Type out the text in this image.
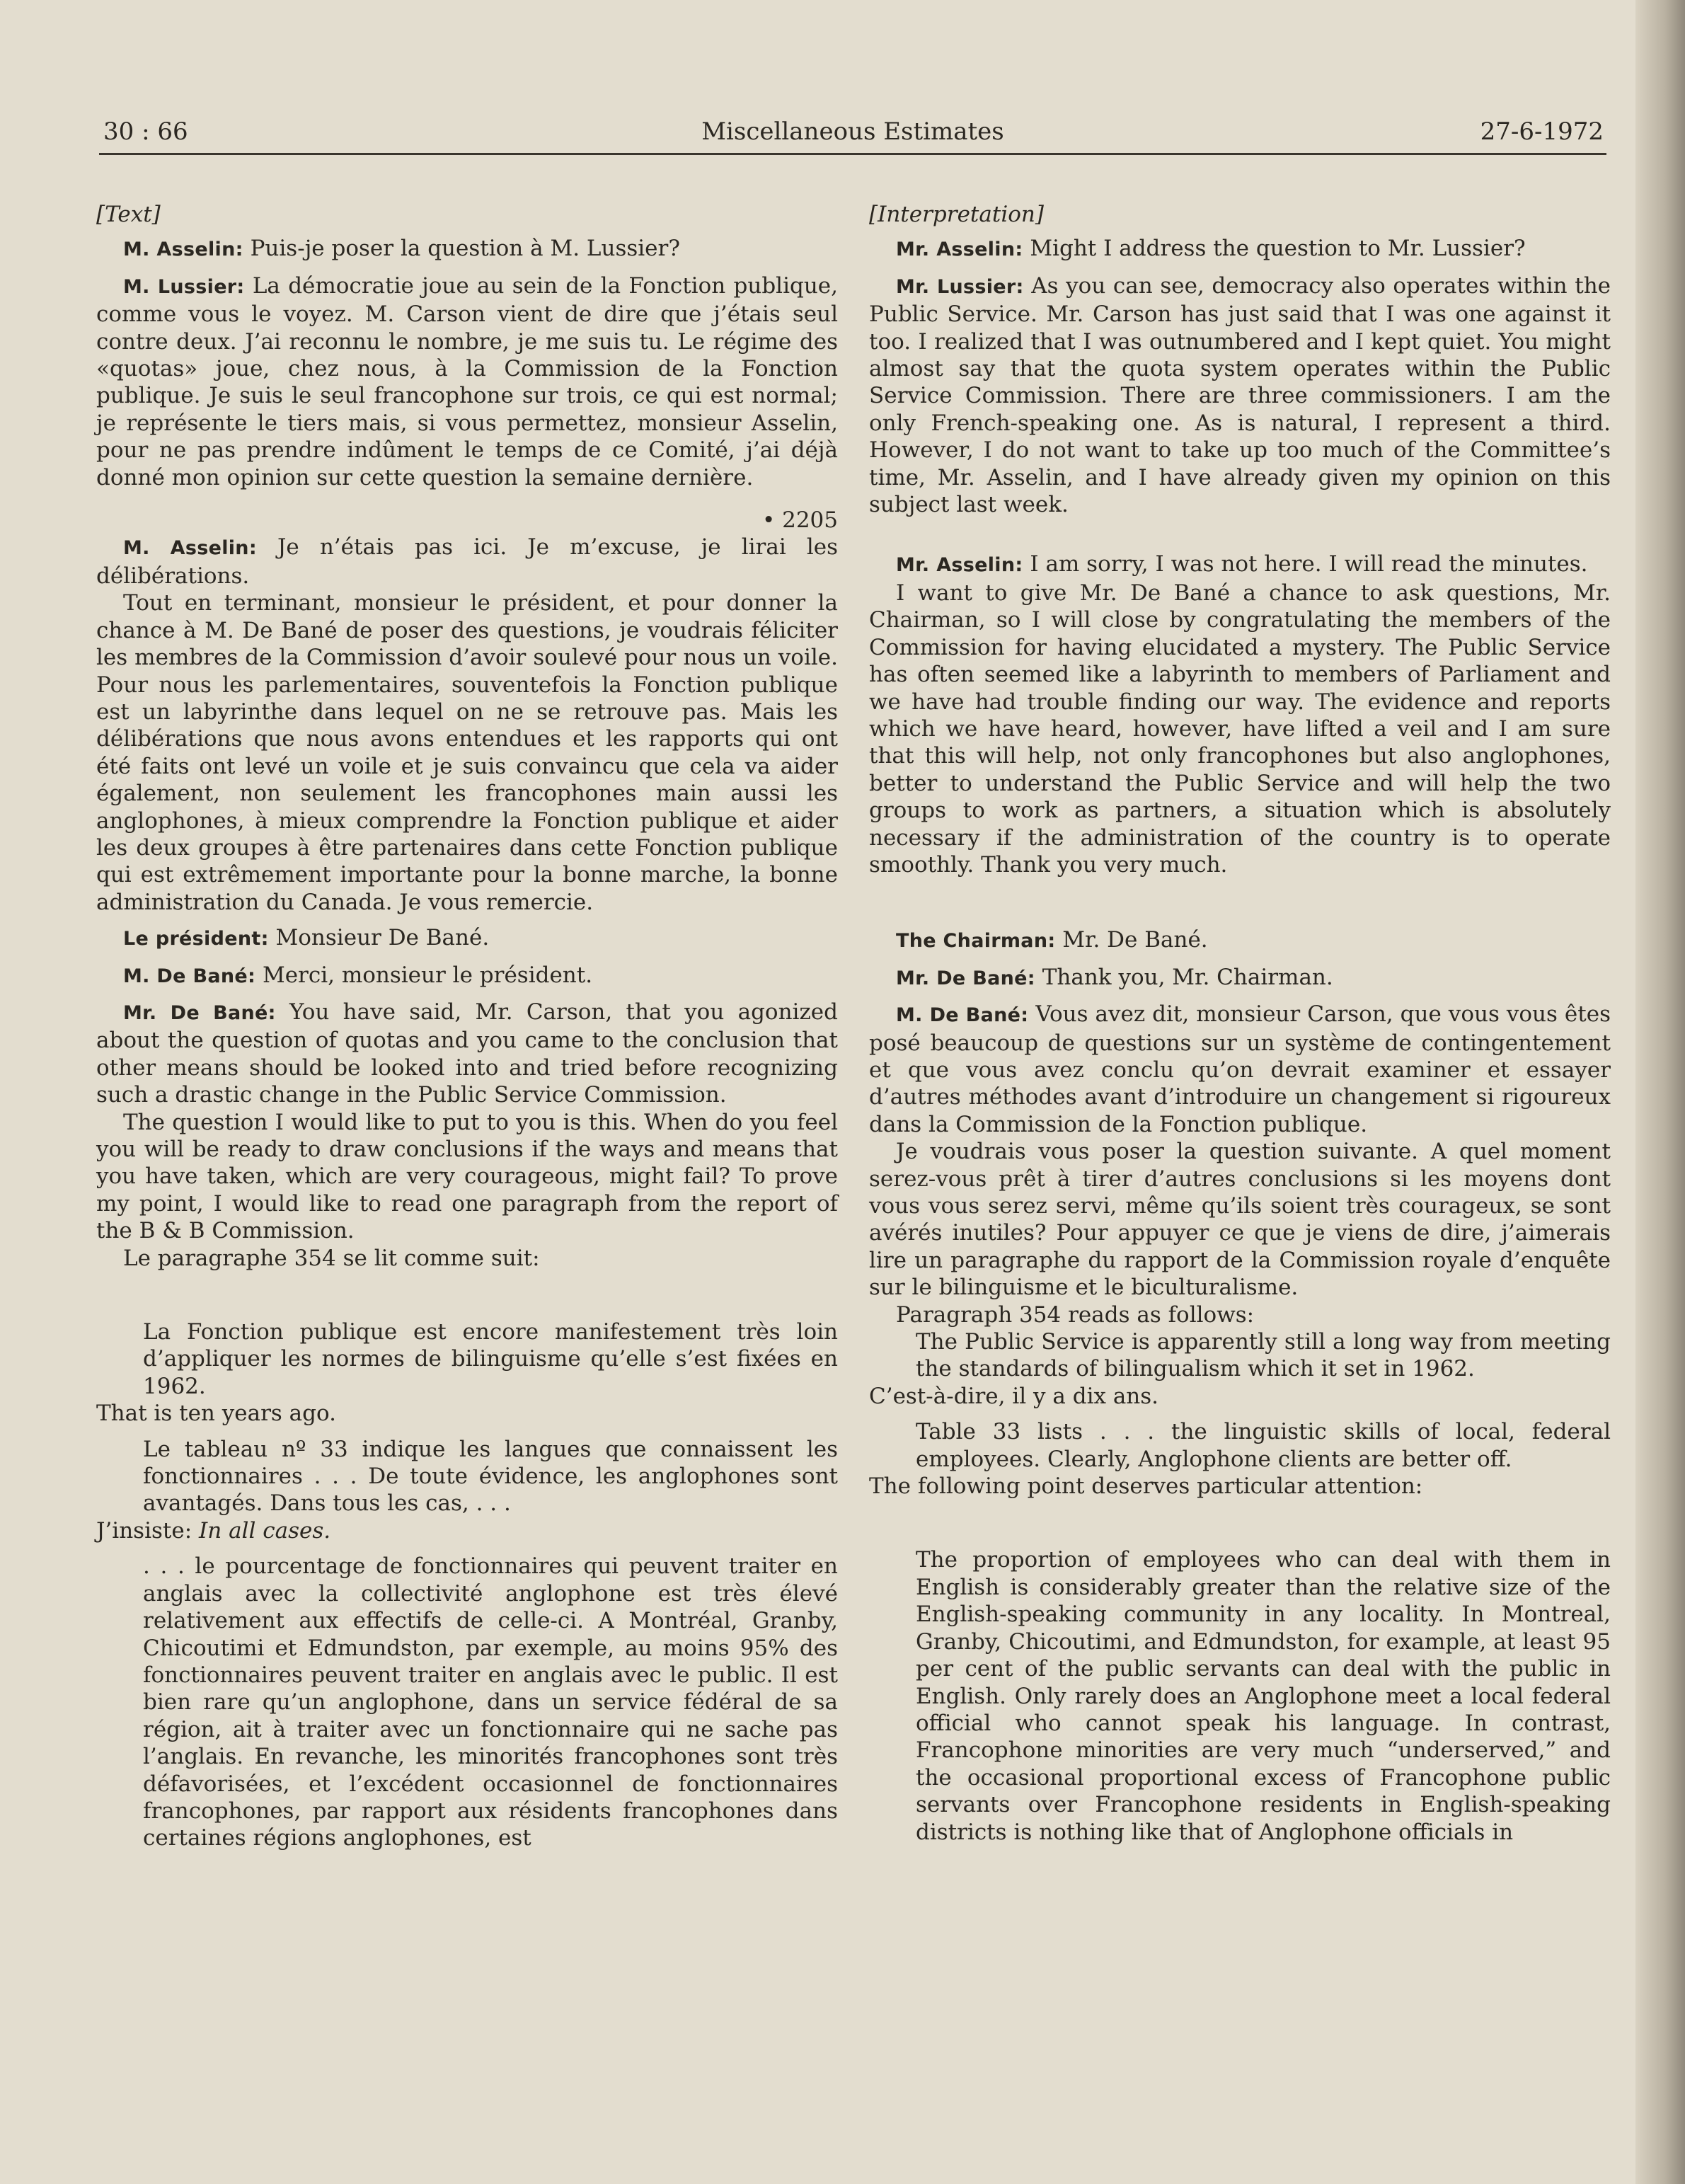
30 : 66	Miscellaneous Estimates	27-6-1972

[Text]

M. Asselin: Puis-je poser la question à M. Lussier?

M. Lussier: La démocratie joue au sein de la Fonction publique, comme vous le voyez. M. Carson vient de dire que j’étais seul contre deux. J’ai reconnu le nombre, je me suis tu. Le régime des «quotas» joue, chez nous, à la Commission de la Fonction publique. Je suis le seul francophone sur trois, ce qui est normal; je représente le tiers mais, si vous permettez, monsieur Asselin, pour ne pas prendre indûment le temps de ce Comité, j’ai déjà donné mon opinion sur cette question la semaine dernière.

• 2205

M. Asselin: Je n’étais pas ici. Je m’excuse, je lirai les délibérations.

Tout en terminant, monsieur le président, et pour donner la chance à M. De Bané de poser des questions, je voudrais féliciter les membres de la Commission d’avoir soulevé pour nous un voile. Pour nous les parlementaires, souventefois la Fonction publique est un labyrinthe dans lequel on ne se retrouve pas. Mais les délibérations que nous avons entendues et les rapports qui ont été faits ont levé un voile et je suis convaincu que cela va aider également, non seulement les francophones main aussi les anglophones, à mieux comprendre la Fonction publique et aider les deux groupes à être partenaires dans cette Fonction publique qui est extrêmement importante pour la bonne marche, la bonne administration du Canada. Je vous remercie.

Le président: Monsieur De Bané.

M. De Bané: Merci, monsieur le président.

Mr. De Bané: You have said, Mr. Carson, that you agonized about the question of quotas and you came to the conclusion that other means should be looked into and tried before recognizing such a drastic change in the Public Service Commission.

The question I would like to put to you is this. When do you feel you will be ready to draw conclusions if the ways and means that you have taken, which are very courageous, might fail? To prove my point, I would like to read one paragraph from the report of the B & B Commission.

Le paragraphe 354 se lit comme suit:

La Fonction publique est encore manifestement très loin d’appliquer les normes de bilinguisme qu’elle s’est fixées en 1962.

That is ten years ago.

Le tableau nº 33 indique les langues que connaissent les fonctionnaires . . . De toute évidence, les anglophones sont avantagés. Dans tous les cas, . . .

J’insiste: In all cases.

. . . le pourcentage de fonctionnaires qui peuvent traiter en anglais avec la collectivité anglophone est très élevé relativement aux effectifs de celle-ci. A Montréal, Granby, Chicoutimi et Edmundston, par exemple, au moins 95% des fonctionnaires peuvent traiter en anglais avec le public. Il est bien rare qu’un anglophone, dans un service fédéral de sa région, ait à traiter avec un fonctionnaire qui ne sache pas l’anglais. En revanche, les minorités francophones sont très défavorisées, et l’excédent occasionnel de fonctionnaires francophones, par rapport aux résidents francophones dans certaines régions anglophones, est

[Interpretation]

Mr. Asselin: Might I address the question to Mr. Lussier?

Mr. Lussier: As you can see, democracy also operates within the Public Service. Mr. Carson has just said that I was one against it too. I realized that I was outnumbered and I kept quiet. You might almost say that the quota system operates within the Public Service Commission. There are three commissioners. I am the only French-speaking one. As is natural, I represent a third. However, I do not want to take up too much of the Committee’s time, Mr. Asselin, and I have already given my opinion on this subject last week.

Mr. Asselin: I am sorry, I was not here. I will read the minutes.

I want to give Mr. De Bané a chance to ask questions, Mr. Chairman, so I will close by congratulating the members of the Commission for having elucidated a mystery. The Public Service has often seemed like a labyrinth to members of Parliament and we have had trouble finding our way. The evidence and reports which we have heard, however, have lifted a veil and I am sure that this will help, not only francophones but also anglophones, better to understand the Public Service and will help the two groups to work as partners, a situation which is absolutely necessary if the administration of the country is to operate smoothly. Thank you very much.

The Chairman: Mr. De Bané.

Mr. De Bané: Thank you, Mr. Chairman.

M. De Bané: Vous avez dit, monsieur Carson, que vous vous êtes posé beaucoup de questions sur un système de contingentement et que vous avez conclu qu’on devrait examiner et essayer d’autres méthodes avant d’introduire un changement si rigoureux dans la Commission de la Fonction publique.

Je voudrais vous poser la question suivante. A quel moment serez-vous prêt à tirer d’autres conclusions si les moyens dont vous vous serez servi, même qu’ils soient très courageux, se sont avérés inutiles? Pour appuyer ce que je viens de dire, j’aimerais lire un paragraphe du rapport de la Commission royale d’enquête sur le bilinguisme et le biculturalisme.

Paragraph 354 reads as follows:

The Public Service is apparently still a long way from meeting the standards of bilingualism which it set in 1962.

C’est-à-dire, il y a dix ans.

Table 33 lists . . . the linguistic skills of local, federal employees. Clearly, Anglophone clients are better off.

The following point deserves particular attention:

The proportion of employees who can deal with them in English is considerably greater than the relative size of the English-speaking community in any locality. In Montreal, Granby, Chicoutimi, and Edmundston, for example, at least 95 per cent of the public servants can deal with the public in English. Only rarely does an Anglophone meet a local federal official who cannot speak his language. In contrast, Francophone minorities are very much “underserved,” and the occasional proportional excess of Francophone public servants over Francophone residents in English-speaking districts is nothing like that of Anglophone officials in
